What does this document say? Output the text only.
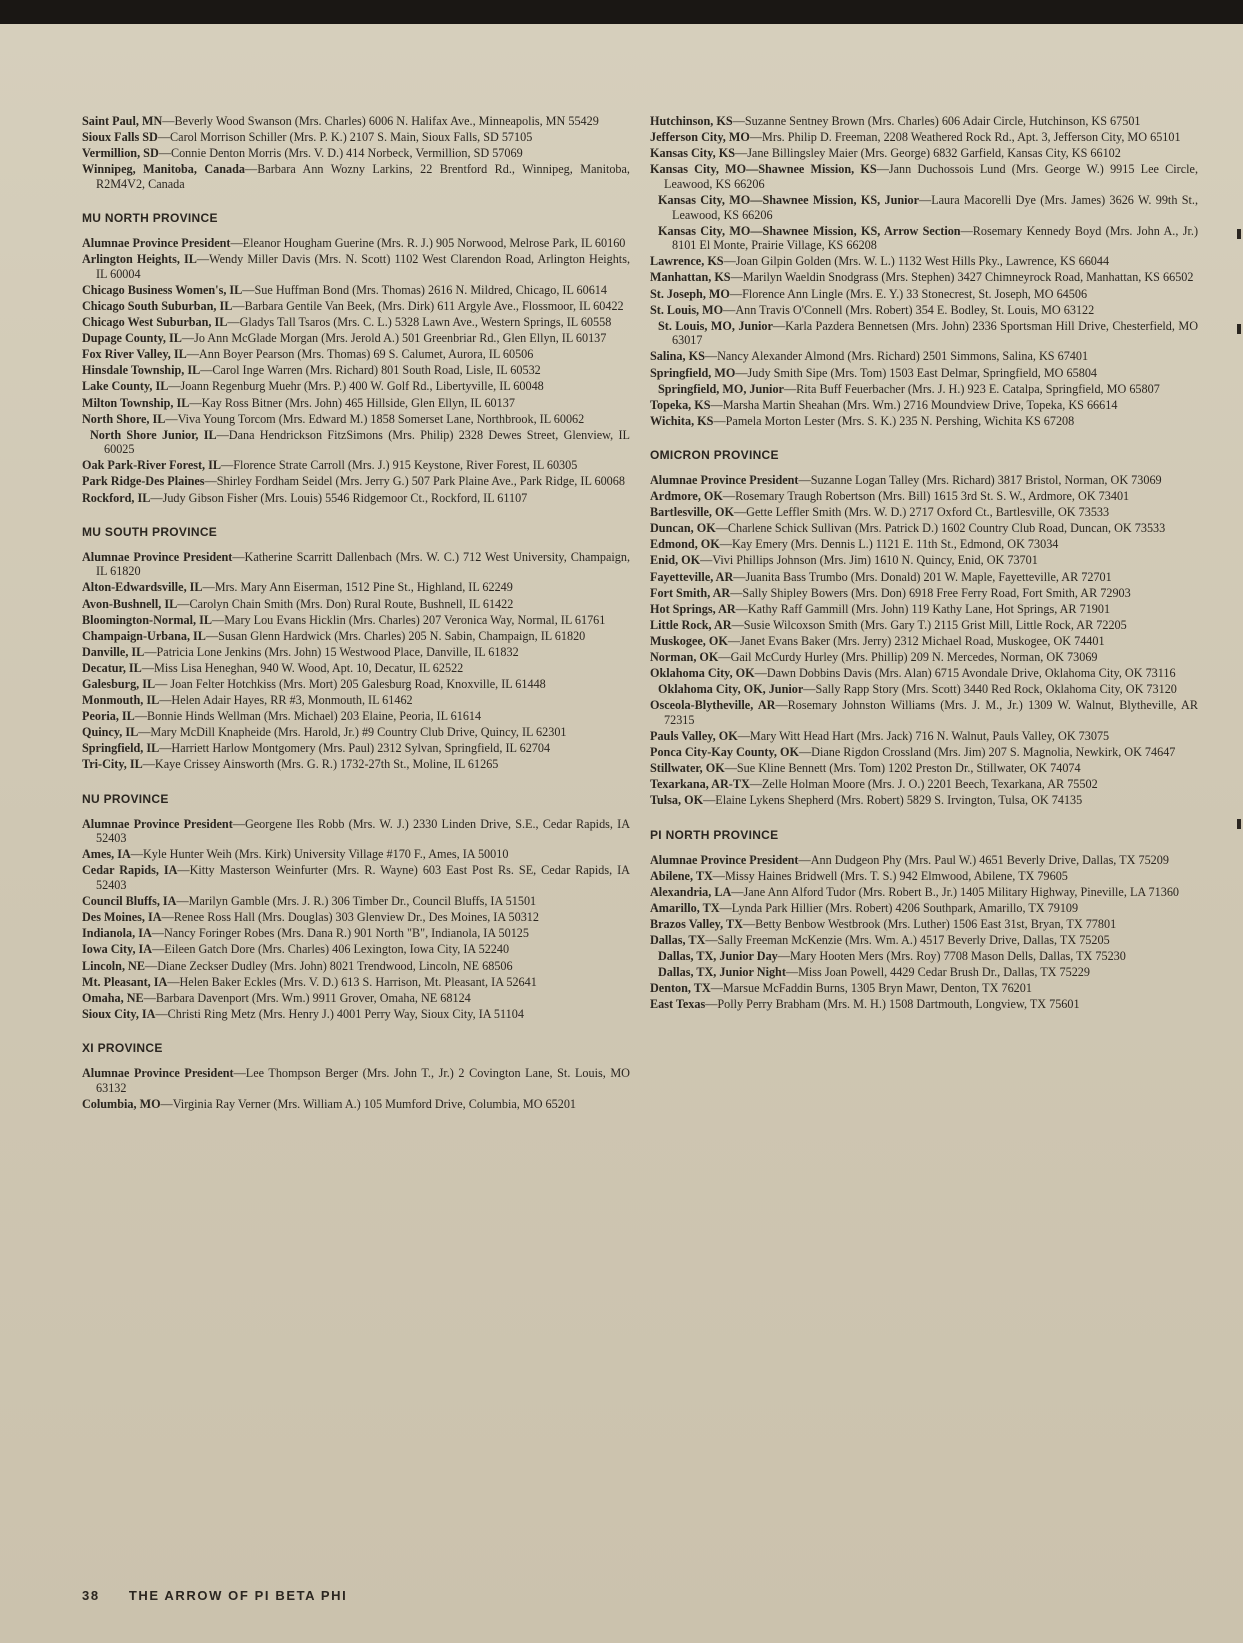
Saint Paul, MN—Beverly Wood Swanson (Mrs. Charles) 6006 N. Halifax Ave., Minneapolis, MN 55429
Sioux Falls SD—Carol Morrison Schiller (Mrs. P. K.) 2107 S. Main, Sioux Falls, SD 57105
Vermillion, SD—Connie Denton Morris (Mrs. V. D.) 414 Norbeck, Vermillion, SD 57069
Winnipeg, Manitoba, Canada—Barbara Ann Wozny Larkins, 22 Brentford Rd., Winnipeg, Manitoba, R2M4V2, Canada
MU NORTH PROVINCE
Alumnae Province President—Eleanor Hougham Guerine (Mrs. R. J.) 905 Norwood, Melrose Park, IL 60160
Arlington Heights, IL—Wendy Miller Davis (Mrs. N. Scott) 1102 West Clarendon Road, Arlington Heights, IL 60004
Chicago Business Women's, IL—Sue Huffman Bond (Mrs. Thomas) 2616 N. Mildred, Chicago, IL 60614
Chicago South Suburban, IL—Barbara Gentile Van Beek, (Mrs. Dirk) 611 Argyle Ave., Flossmoor, IL 60422
Chicago West Suburban, IL—Gladys Tall Tsaros (Mrs. C. L.) 5328 Lawn Ave., Western Springs, IL 60558
Dupage County, IL—Jo Ann McGlade Morgan (Mrs. Jerold A.) 501 Greenbriar Rd., Glen Ellyn, IL 60137
Fox River Valley, IL—Ann Boyer Pearson (Mrs. Thomas) 69 S. Calumet, Aurora, IL 60506
Hinsdale Township, IL—Carol Inge Warren (Mrs. Richard) 801 South Road, Lisle, IL 60532
Lake County, IL—Joann Regenburg Muehr (Mrs. P.) 400 W. Golf Rd., Libertyville, IL 60048
Milton Township, IL—Kay Ross Bitner (Mrs. John) 465 Hillside, Glen Ellyn, IL 60137
North Shore, IL—Viva Young Torcom (Mrs. Edward M.) 1858 Somerset Lane, Northbrook, IL 60062
North Shore Junior, IL—Dana Hendrickson FitzSimons (Mrs. Philip) 2328 Dewes Street, Glenview, IL 60025
Oak Park-River Forest, IL—Florence Strate Carroll (Mrs. J.) 915 Keystone, River Forest, IL 60305
Park Ridge-Des Plaines—Shirley Fordham Seidel (Mrs. Jerry G.) 507 Park Plaine Ave., Park Ridge, IL 60068
Rockford, IL—Judy Gibson Fisher (Mrs. Louis) 5546 Ridgemoor Ct., Rockford, IL 61107
MU SOUTH PROVINCE
Alumnae Province President—Katherine Scarritt Dallenbach (Mrs. W. C.) 712 West University, Champaign, IL 61820
Alton-Edwardsville, IL—Mrs. Mary Ann Eiserman, 1512 Pine St., Highland, IL 62249
Avon-Bushnell, IL—Carolyn Chain Smith (Mrs. Don) Rural Route, Bushnell, IL 61422
Bloomington-Normal, IL—Mary Lou Evans Hicklin (Mrs. Charles) 207 Veronica Way, Normal, IL 61761
Champaign-Urbana, IL—Susan Glenn Hardwick (Mrs. Charles) 205 N. Sabin, Champaign, IL 61820
Danville, IL—Patricia Lone Jenkins (Mrs. John) 15 Westwood Place, Danville, IL 61832
Decatur, IL—Miss Lisa Heneghan, 940 W. Wood, Apt. 10, Decatur, IL 62522
Galesburg, IL— Joan Felter Hotchkiss (Mrs. Mort) 205 Galesburg Road, Knoxville, IL 61448
Monmouth, IL—Helen Adair Hayes, RR #3, Monmouth, IL 61462
Peoria, IL—Bonnie Hinds Wellman (Mrs. Michael) 203 Elaine, Peoria, IL 61614
Quincy, IL—Mary McDill Knapheide (Mrs. Harold, Jr.) #9 Country Club Drive, Quincy, IL 62301
Springfield, IL—Harriett Harlow Montgomery (Mrs. Paul) 2312 Sylvan, Springfield, IL 62704
Tri-City, IL—Kaye Crissey Ainsworth (Mrs. G. R.) 1732-27th St., Moline, IL 61265
NU PROVINCE
Alumnae Province President—Georgene Iles Robb (Mrs. W. J.) 2330 Linden Drive, S.E., Cedar Rapids, IA 52403
Ames, IA—Kyle Hunter Weih (Mrs. Kirk) University Village #170 F., Ames, IA 50010
Cedar Rapids, IA—Kitty Masterson Weinfurter (Mrs. R. Wayne) 603 East Post Rs. SE, Cedar Rapids, IA 52403
Council Bluffs, IA—Marilyn Gamble (Mrs. J. R.) 306 Timber Dr., Council Bluffs, IA 51501
Des Moines, IA—Renee Ross Hall (Mrs. Douglas) 303 Glenview Dr., Des Moines, IA 50312
Indianola, IA—Nancy Foringer Robes (Mrs. Dana R.) 901 North "B", Indianola, IA 50125
Iowa City, IA—Eileen Gatch Dore (Mrs. Charles) 406 Lexington, Iowa City, IA 52240
Lincoln, NE—Diane Zeckser Dudley (Mrs. John) 8021 Trendwood, Lincoln, NE 68506
Mt. Pleasant, IA—Helen Baker Eckles (Mrs. V. D.) 613 S. Harrison, Mt. Pleasant, IA 52641
Omaha, NE—Barbara Davenport (Mrs. Wm.) 9911 Grover, Omaha, NE 68124
Sioux City, IA—Christi Ring Metz (Mrs. Henry J.) 4001 Perry Way, Sioux City, IA 51104
XI PROVINCE
Alumnae Province President—Lee Thompson Berger (Mrs. John T., Jr.) 2 Covington Lane, St. Louis, MO 63132
Columbia, MO—Virginia Ray Verner (Mrs. William A.) 105 Mumford Drive, Columbia, MO 65201
Hutchinson, KS—Suzanne Sentney Brown (Mrs. Charles) 606 Adair Circle, Hutchinson, KS 67501
Jefferson City, MO—Mrs. Philip D. Freeman, 2208 Weathered Rock Rd., Apt. 3, Jefferson City, MO 65101
Kansas City, KS—Jane Billingsley Maier (Mrs. George) 6832 Garfield, Kansas City, KS 66102
Kansas City, MO—Shawnee Mission, KS—Jann Duchossois Lund (Mrs. George W.) 9915 Lee Circle, Leawood, KS 66206
Kansas City, MO—Shawnee Mission, KS, Junior—Laura Macorelli Dye (Mrs. James) 3626 W. 99th St., Leawood, KS 66206
Kansas City, MO—Shawnee Mission, KS, Arrow Section—Rosemary Kennedy Boyd (Mrs. John A., Jr.) 8101 El Monte, Prairie Village, KS 66208
Lawrence, KS—Joan Gilpin Golden (Mrs. W. L.) 1132 West Hills Pky., Lawrence, KS 66044
Manhattan, KS—Marilyn Waeldin Snodgrass (Mrs. Stephen) 3427 Chimneyrock Road, Manhattan, KS 66502
St. Joseph, MO—Florence Ann Lingle (Mrs. E. Y.) 33 Stonecrest, St. Joseph, MO 64506
St. Louis, MO—Ann Travis O'Connell (Mrs. Robert) 354 E. Bodley, St. Louis, MO 63122
St. Louis, MO, Junior—Karla Pazdera Bennetsen (Mrs. John) 2336 Sportsman Hill Drive, Chesterfield, MO 63017
Salina, KS—Nancy Alexander Almond (Mrs. Richard) 2501 Simmons, Salina, KS 67401
Springfield, MO—Judy Smith Sipe (Mrs. Tom) 1503 East Delmar, Springfield, MO 65804
Springfield, MO, Junior—Rita Buff Feuerbacher (Mrs. J. H.) 923 E. Catalpa, Springfield, MO 65807
Topeka, KS—Marsha Martin Sheahan (Mrs. Wm.) 2716 Moundview Drive, Topeka, KS 66614
Wichita, KS—Pamela Morton Lester (Mrs. S. K.) 235 N. Pershing, Wichita KS 67208
OMICRON PROVINCE
Alumnae Province President—Suzanne Logan Talley (Mrs. Richard) 3817 Bristol, Norman, OK 73069
Ardmore, OK—Rosemary Traugh Robertson (Mrs. Bill) 1615 3rd St. S. W., Ardmore, OK 73401
Bartlesville, OK—Gette Leffler Smith (Mrs. W. D.) 2717 Oxford Ct., Bartlesville, OK 73533
Duncan, OK—Charlene Schick Sullivan (Mrs. Patrick D.) 1602 Country Club Road, Duncan, OK 73533
Edmond, OK—Kay Emery (Mrs. Dennis L.) 1121 E. 11th St., Edmond, OK 73034
Enid, OK—Vivi Phillips Johnson (Mrs. Jim) 1610 N. Quincy, Enid, OK 73701
Fayetteville, AR—Juanita Bass Trumbo (Mrs. Donald) 201 W. Maple, Fayetteville, AR 72701
Fort Smith, AR—Sally Shipley Bowers (Mrs. Don) 6918 Free Ferry Road, Fort Smith, AR 72903
Hot Springs, AR—Kathy Raff Gammill (Mrs. John) 119 Kathy Lane, Hot Springs, AR 71901
Little Rock, AR—Susie Wilcoxson Smith (Mrs. Gary T.) 2115 Grist Mill, Little Rock, AR 72205
Muskogee, OK—Janet Evans Baker (Mrs. Jerry) 2312 Michael Road, Muskogee, OK 74401
Norman, OK—Gail McCurdy Hurley (Mrs. Phillip) 209 N. Mercedes, Norman, OK 73069
Oklahoma City, OK—Dawn Dobbins Davis (Mrs. Alan) 6715 Avondale Drive, Oklahoma City, OK 73116
Oklahoma City, OK, Junior—Sally Rapp Story (Mrs. Scott) 3440 Red Rock, Oklahoma City, OK 73120
Osceola-Blytheville, AR—Rosemary Johnston Williams (Mrs. J. M., Jr.) 1309 W. Walnut, Blytheville, AR 72315
Pauls Valley, OK—Mary Witt Head Hart (Mrs. Jack) 716 N. Walnut, Pauls Valley, OK 73075
Ponca City-Kay County, OK—Diane Rigdon Crossland (Mrs. Jim) 207 S. Magnolia, Newkirk, OK 74647
Stillwater, OK—Sue Kline Bennett (Mrs. Tom) 1202 Preston Dr., Stillwater, OK 74074
Texarkana, AR-TX—Zelle Holman Moore (Mrs. J. O.) 2201 Beech, Texarkana, AR 75502
Tulsa, OK—Elaine Lykens Shepherd (Mrs. Robert) 5829 S. Irvington, Tulsa, OK 74135
PI NORTH PROVINCE
Alumnae Province President—Ann Dudgeon Phy (Mrs. Paul W.) 4651 Beverly Drive, Dallas, TX 75209
Abilene, TX—Missy Haines Bridwell (Mrs. T. S.) 942 Elmwood, Abilene, TX 79605
Alexandria, LA—Jane Ann Alford Tudor (Mrs. Robert B., Jr.) 1405 Military Highway, Pineville, LA 71360
Amarillo, TX—Lynda Park Hillier (Mrs. Robert) 4206 Southpark, Amarillo, TX 79109
Brazos Valley, TX—Betty Benbow Westbrook (Mrs. Luther) 1506 East 31st, Bryan, TX 77801
Dallas, TX—Sally Freeman McKenzie (Mrs. Wm. A.) 4517 Beverly Drive, Dallas, TX 75205
Dallas, TX, Junior Day—Mary Hooten Mers (Mrs. Roy) 7708 Mason Dells, Dallas, TX 75230
Dallas, TX, Junior Night—Miss Joan Powell, 4429 Cedar Brush Dr., Dallas, TX 75229
Denton, TX—Marsue McFaddin Burns, 1305 Bryn Mawr, Denton, TX 76201
East Texas—Polly Perry Brabham (Mrs. M. H.) 1508 Dartmouth, Longview, TX 75601
38 THE ARROW OF PI BETA PHI
